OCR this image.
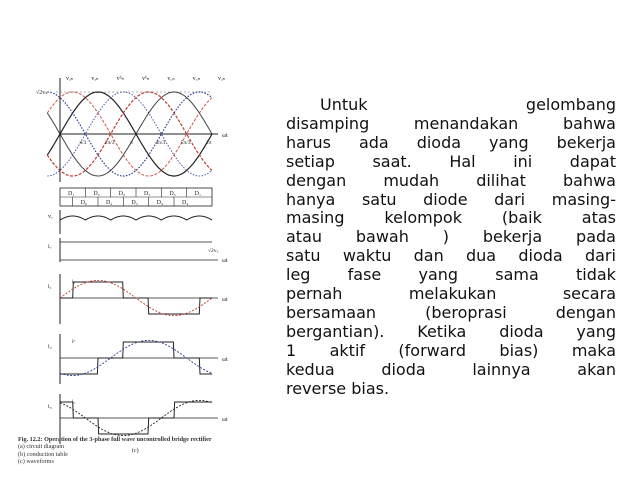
ωt
√2vₛ
vₐₙ	vₐₙ	vᵇₙ	vᵇₙ	v꜀ₙ	v꜀ₙ	vₐₙ
π/3	2π/3	π	4π/3	5π/3	2π
D₁	D₃	D₃	D₅	D₅	D₁
D₆	D₂	D₂	D₄	D₄
vₒ
iₒ
√2vₛ
ωt
i₁
iₐ
ωt
i₂
iᵇ
ωt
i₃
i꜀
ωt
(c)
Fig. 12.2: Operation of the 3-phase full wave uncontrolled bridge rectifier
(a) circuit diagram
(b) conduction table
(c) waveforms
Untuk	gelombang
disamping	menandakan	bahwa
harus ada dioda yang bekerja
setiap saat. Hal ini dapat
dengan mudah dilihat bahwa
hanya satu diode dari masing-
masing kelompok (baik atas
atau bawah ) bekerja pada
satu waktu dan dua dioda dari
leg fase yang sama tidak
pernah	melakukan	secara
bersamaan	(beroprasi	dengan
bergantian). Ketika dioda yang
1 aktif (forward bias) maka
kedua	dioda	lainnya	akan
reverse bias.
